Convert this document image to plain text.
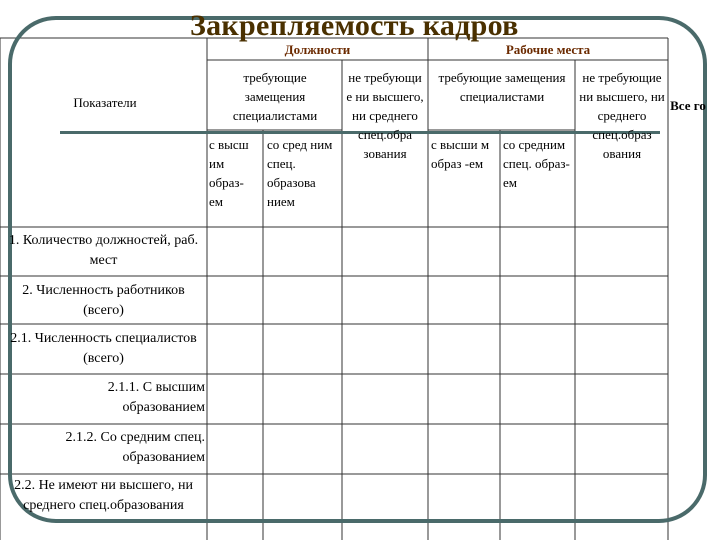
Закрепляемость кадров
Должности	Рабочие места
Показатели	Все го
требующие замещения специалистами
не требующи е ни высшего, ни среднего спец.обра зования
с высш им образ- ем
со сред ним спец. образова нием
требующие замещения специалистами
не требующие ни высшего, ни среднего спец.образ ования
с высши м образ -ем
со средним спец. образ-ем
1. Количество должностей, раб. мест
2. Численность работников (всего)
2.1. Численность специалистов (всего)
2.1.1. С высшим образованием
2.1.2. Со средним спец. образованием
2.2. Не имеют ни высшего, ни среднего спец.образования
